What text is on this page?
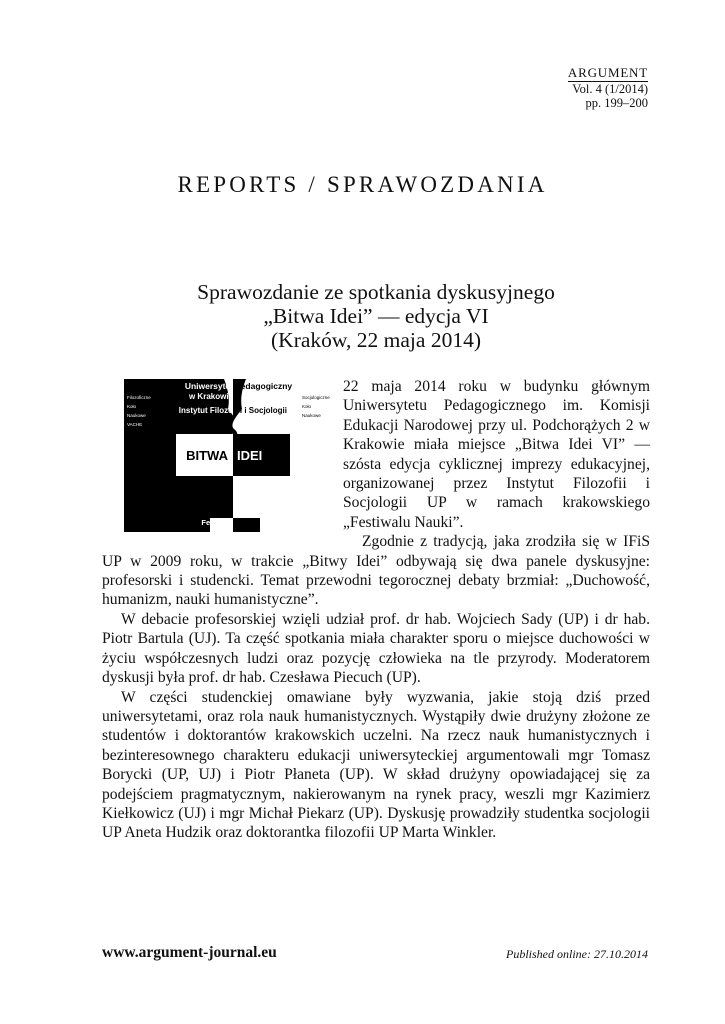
ARGUMENT
Vol. 4 (1/2014)
pp. 199–200
REPORTS / SPRAWOZDANIA
Sprawozdanie ze spotkania dyskusyjnego
„Bitwa Idei” — edycja VI
(Kraków, 22 maja 2014)
Uniwersytet Pedagogiczny
w Krakowie
Instytut Filozo fii i Socjologii
Filozoficzne
Koło
Naukowe
VACHE
Socjologiczne
Koło
Naukowe
BITWA IDEI
Festiwal Nauki

22 maja 2014 roku w budynku głównym Uniwersytetu Pedagogicznego im. Komisji Edukacji Narodowej przy ul. Podchorążych 2 w Krakowie miała miejsce „Bitwa Idei VI” — szósta edycja cyklicznej imprezy edukacyjnej, organizowanej przez Instytut Filozofii i Socjologii UP w ramach krakowskiego „Festiwalu Nauki”.

Zgodnie z tradycją, jaka zrodziła się w IFiS UP w 2009 roku, w trakcie „Bitwy Idei” odbywają się dwa panele dyskusyjne: profesorski i studencki. Temat przewodni tegorocznej debaty brzmiał: „Duchowość, humanizm, nauki humanistyczne”.

W debacie profesorskiej wzięli udział prof. dr hab. Wojciech Sady (UP) i dr hab. Piotr Bartula (UJ). Ta część spotkania miała charakter sporu o miejsce duchowości w życiu współczesnych ludzi oraz pozycję człowieka na tle przyrody. Moderatorem dyskusji była prof. dr hab. Czesława Piecuch (UP).

W części studenckiej omawiane były wyzwania, jakie stoją dziś przed uniwersytetami, oraz rola nauk humanistycznych. Wystąpiły dwie drużyny złożone ze studentów i doktorantów krakowskich uczelni. Na rzecz nauk humanistycznych i bezinteresownego charakteru edukacji uniwersyteckiej argumentowali mgr Tomasz Borycki (UP, UJ) i Piotr Płaneta (UP). W skład drużyny opowiadającej się za podejściem pragmatycznym, nakierowanym na rynek pracy, weszli mgr Kazimierz Kiełkowicz (UJ) i mgr Michał Piekarz (UP). Dyskusję prowadziły studentka socjologii UP Aneta Hudzik oraz doktorantka filozofii UP Marta Winkler.

www.argument-journal.eu	Published online: 27.10.2014
